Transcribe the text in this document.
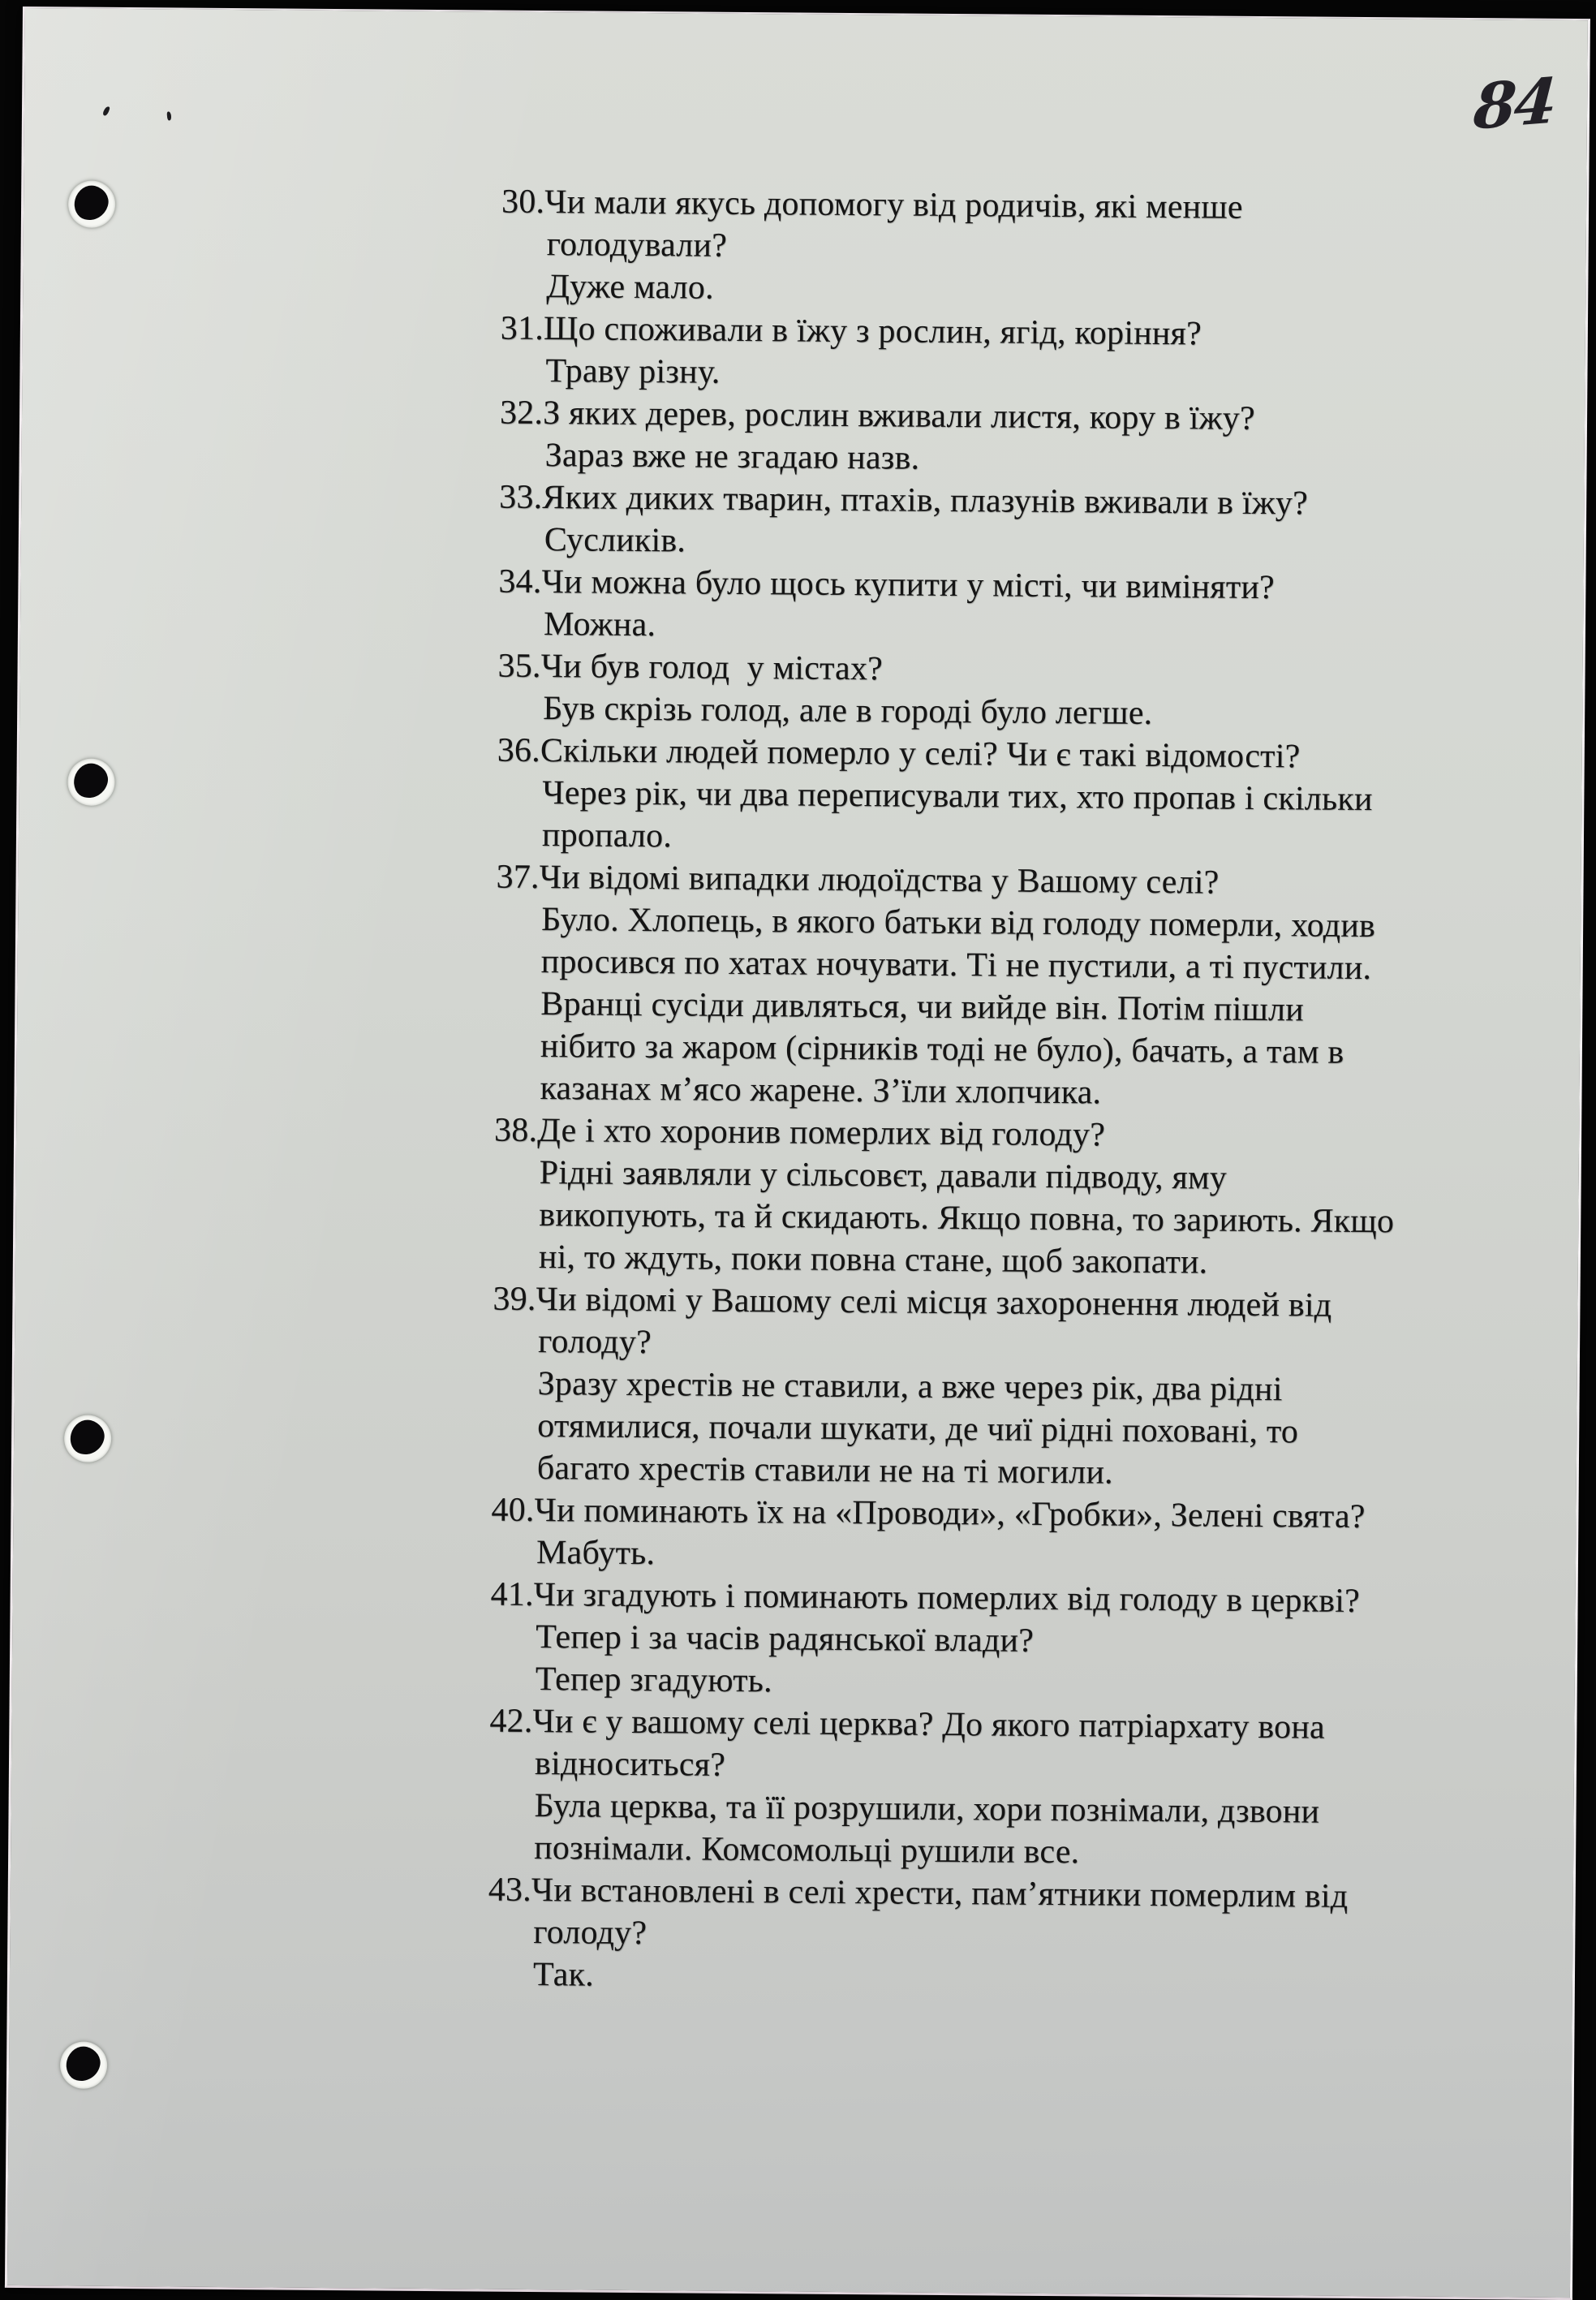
84
30.Чи мали якусь допомогу від родичів, які менше
голодували?
Дуже мало.
31.Що споживали в їжу з рослин, ягід, коріння?
Траву різну.
32.З яких дерев, рослин вживали листя, кору в їжу?
Зараз вже не згадаю назв.
33.Яких диких тварин, птахів, плазунів вживали в їжу?
Сусликів.
34.Чи можна було щось купити у місті, чи виміняти?
Можна.
35.Чи був голод  у містах?
Був скрізь голод, але в городі було легше.
36.Скільки людей померло у селі? Чи є такі відомості?
Через рік, чи два переписували тих, хто пропав і скільки
пропало.
37.Чи відомі випадки людоїдства у Вашому селі?
Було. Хлопець, в якого батьки від голоду померли, ходив
просився по хатах ночувати. Ті не пустили, а ті пустили.
Вранці сусіди дивляться, чи вийде він. Потім пішли
нібито за жаром (сірників тоді не було), бачать, а там в
казанах м’ясо жарене. З’їли хлопчика.
38.Де і хто хоронив померлих від голоду?
Рідні заявляли у сільсовєт, давали підводу, яму
викопують, та й скидають. Якщо повна, то зариють. Якщо
ні, то ждуть, поки повна стане, щоб закопати.
39.Чи відомі у Вашому селі місця захоронення людей від
голоду?
Зразу хрестів не ставили, а вже через рік, два рідні
отямилися, почали шукати, де чиї рідні поховані, то
багато хрестів ставили не на ті могили.
40.Чи поминають їх на «Проводи», «Гробки», Зелені свята?
Мабуть.
41.Чи згадують і поминають померлих від голоду в церкві?
Тепер і за часів радянської влади?
Тепер згадують.
42.Чи є у вашому селі церква? До якого патріархату вона
відноситься?
Була церква, та її розрушили, хори познімали, дзвони
познімали. Комсомольці рушили все.
43.Чи встановлені в селі хрести, пам’ятники померлим від
голоду?
Так.
